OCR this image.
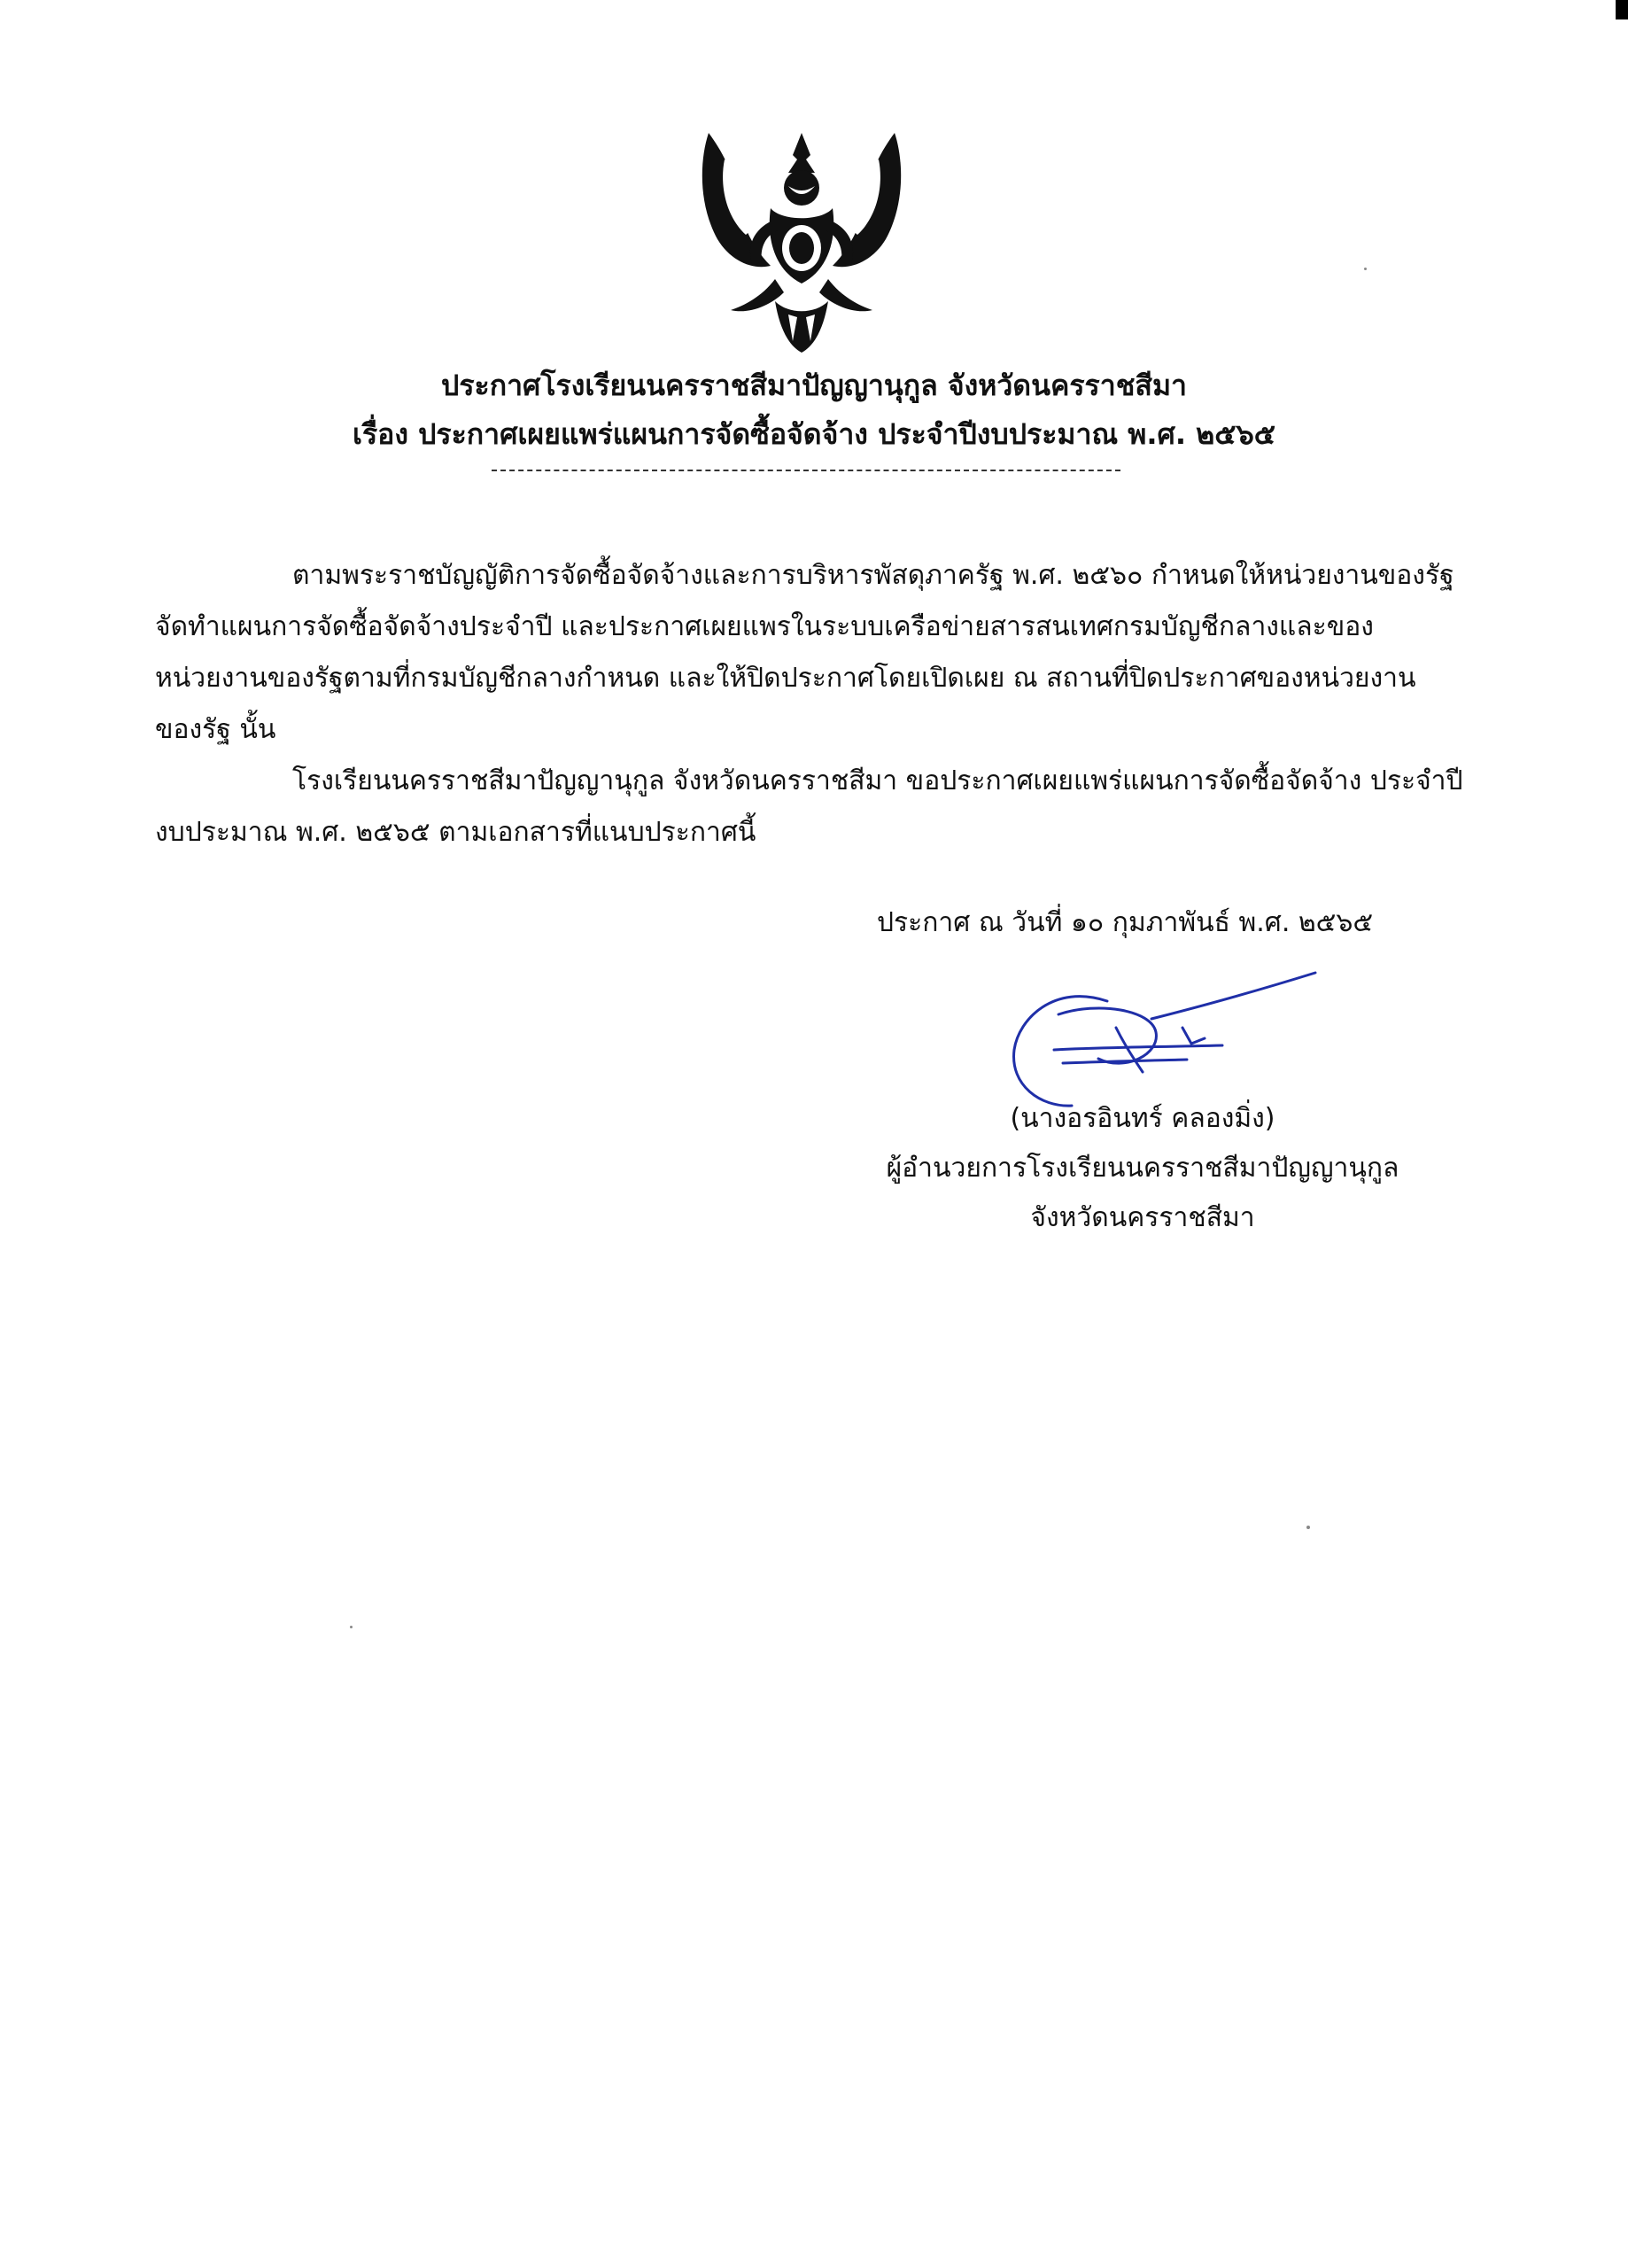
ประกาศโรงเรียนนครราชสีมาปัญญานุกูล จังหวัดนครราชสีมา
เรื่อง ประกาศเผยแพร่แผนการจัดซื้อจัดจ้าง ประจำปีงบประมาณ พ.ศ. ๒๕๖๕
ตามพระราชบัญญัติการจัดซื้อจัดจ้างและการบริหารพัสดุภาครัฐ พ.ศ. ๒๕๖๐ กำหนดให้หน่วยงานของรัฐ
จัดทำแผนการจัดซื้อจัดจ้างประจำปี และประกาศเผยแพรในระบบเครือข่ายสารสนเทศกรมบัญชีกลางและของ
หน่วยงานของรัฐตามที่กรมบัญชีกลางกำหนด และให้ปิดประกาศโดยเปิดเผย ณ สถานที่ปิดประกาศของหน่วยงาน
ของรัฐ นั้น
โรงเรียนนครราชสีมาปัญญานุกูล จังหวัดนครราชสีมา ขอประกาศเผยแพร่แผนการจัดซื้อจัดจ้าง ประจำปี
งบประมาณ พ.ศ. ๒๕๖๕ ตามเอกสารที่แนบประกาศนี้
ประกาศ ณ วันที่ ๑๐ กุมภาพันธ์ พ.ศ. ๒๕๖๕
(นางอรอินทร์ คลองมิ่ง)
ผู้อำนวยการโรงเรียนนครราชสีมาปัญญานุกูล
จังหวัดนครราชสีมา
